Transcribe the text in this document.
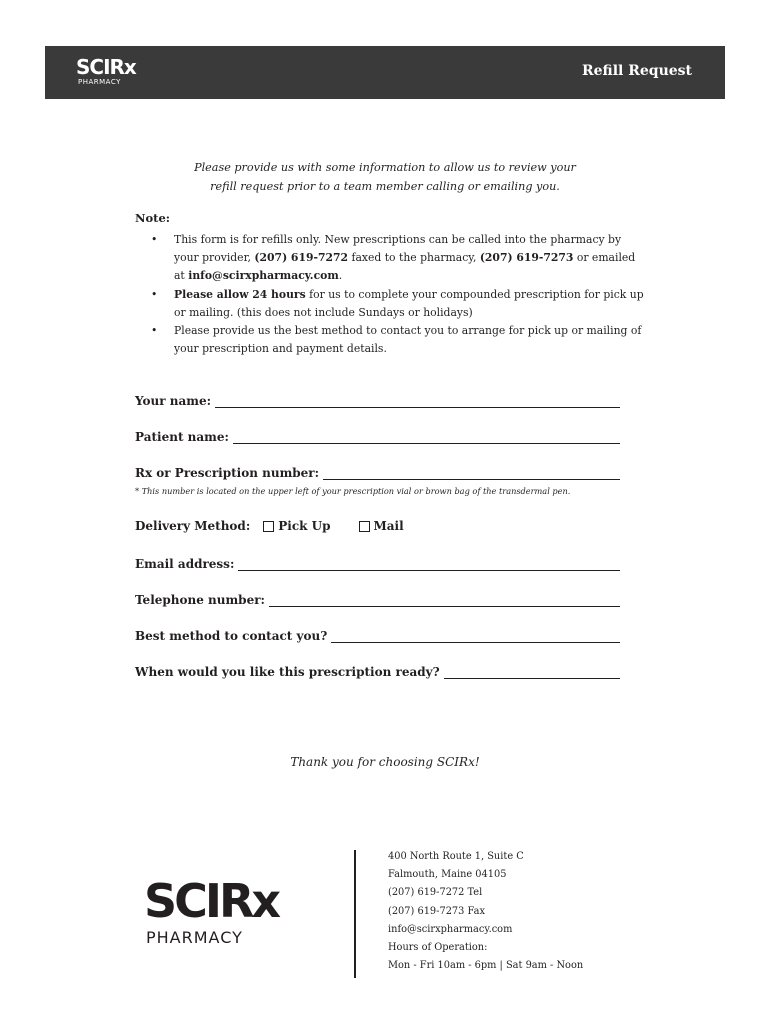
SCIRx
PHARMACY
Refill Request
Please provide us with some information to allow us to review your
refill request prior to a team member calling or emailing you.
Note:
• This form is for refills only. New prescriptions can be called into the pharmacy by your provider, (207) 619-7272 faxed to the pharmacy, (207) 619-7273 or emailed at info@scirxpharmacy.com.
• Please allow 24 hours for us to complete your compounded prescription for pick up or mailing. (this does not include Sundays or holidays)
• Please provide us the best method to contact you to arrange for pick up or mailing of your prescription and payment details.
Your name:
Patient name:
Rx or Prescription number:
* This number is located on the upper left of your prescription vial or brown bag of the transdermal pen.
Delivery Method: Pick Up	Mail
Email address:
Telephone number:
Best method to contact you?
When would you like this prescription ready?
Thank you for choosing SCIRx!
SCIRx
PHARMACY
400 North Route 1, Suite C
Falmouth, Maine 04105
(207) 619-7272 Tel
(207) 619-7273 Fax
info@scirxpharmacy.com
Hours of Operation:
Mon - Fri 10am - 6pm | Sat 9am - Noon
